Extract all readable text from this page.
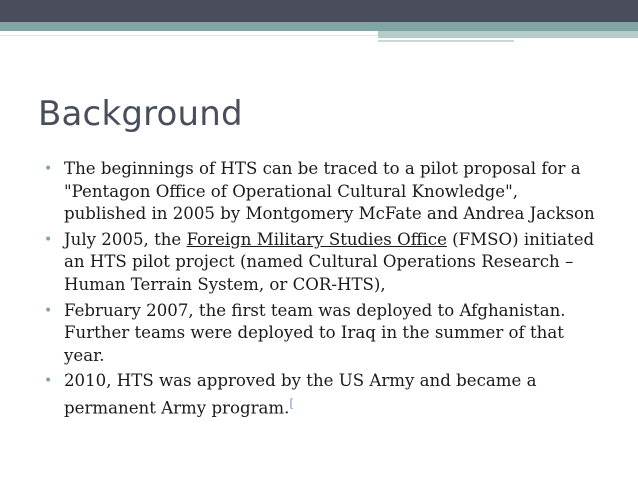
Background
• The beginnings of HTS can be traced to a pilot proposal for a "Pentagon Office of Operational Cultural Knowledge", published in 2005 by Montgomery McFate and Andrea Jackson
• July 2005, the Foreign Military Studies Office (FMSO) initiated an HTS pilot project (named Cultural Operations Research – Human Terrain System, or COR-HTS),
• February 2007, the first team was deployed to Afghanistan. Further teams were deployed to Iraq in the summer of that year.
• 2010, HTS was approved by the US Army and became a permanent Army program.[
